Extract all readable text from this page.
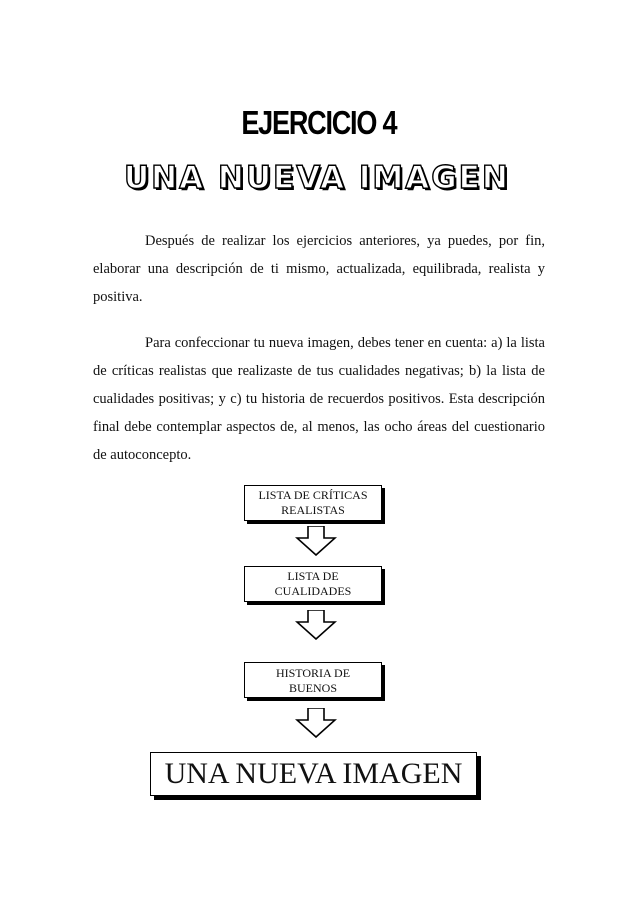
EJERCICIO 4
UNA NUEVA IMAGEN

Después de realizar los ejercicios anteriores, ya puedes, por fin, elaborar una descripción de ti mismo, actualizada, equilibrada, realista y positiva.

Para confeccionar tu nueva imagen, debes tener en cuenta: a) la lista de críticas realistas que realizaste de tus cualidades negativas; b) la lista de cualidades positivas; y c) tu historia de recuerdos positivos. Esta descripción final debe contemplar aspectos de, al menos, las ocho áreas del cuestionario de autoconcepto.

LISTA DE CRÍTICAS
REALISTAS
LISTA DE
CUALIDADES
HISTORIA DE
BUENOS
UNA NUEVA IMAGEN
